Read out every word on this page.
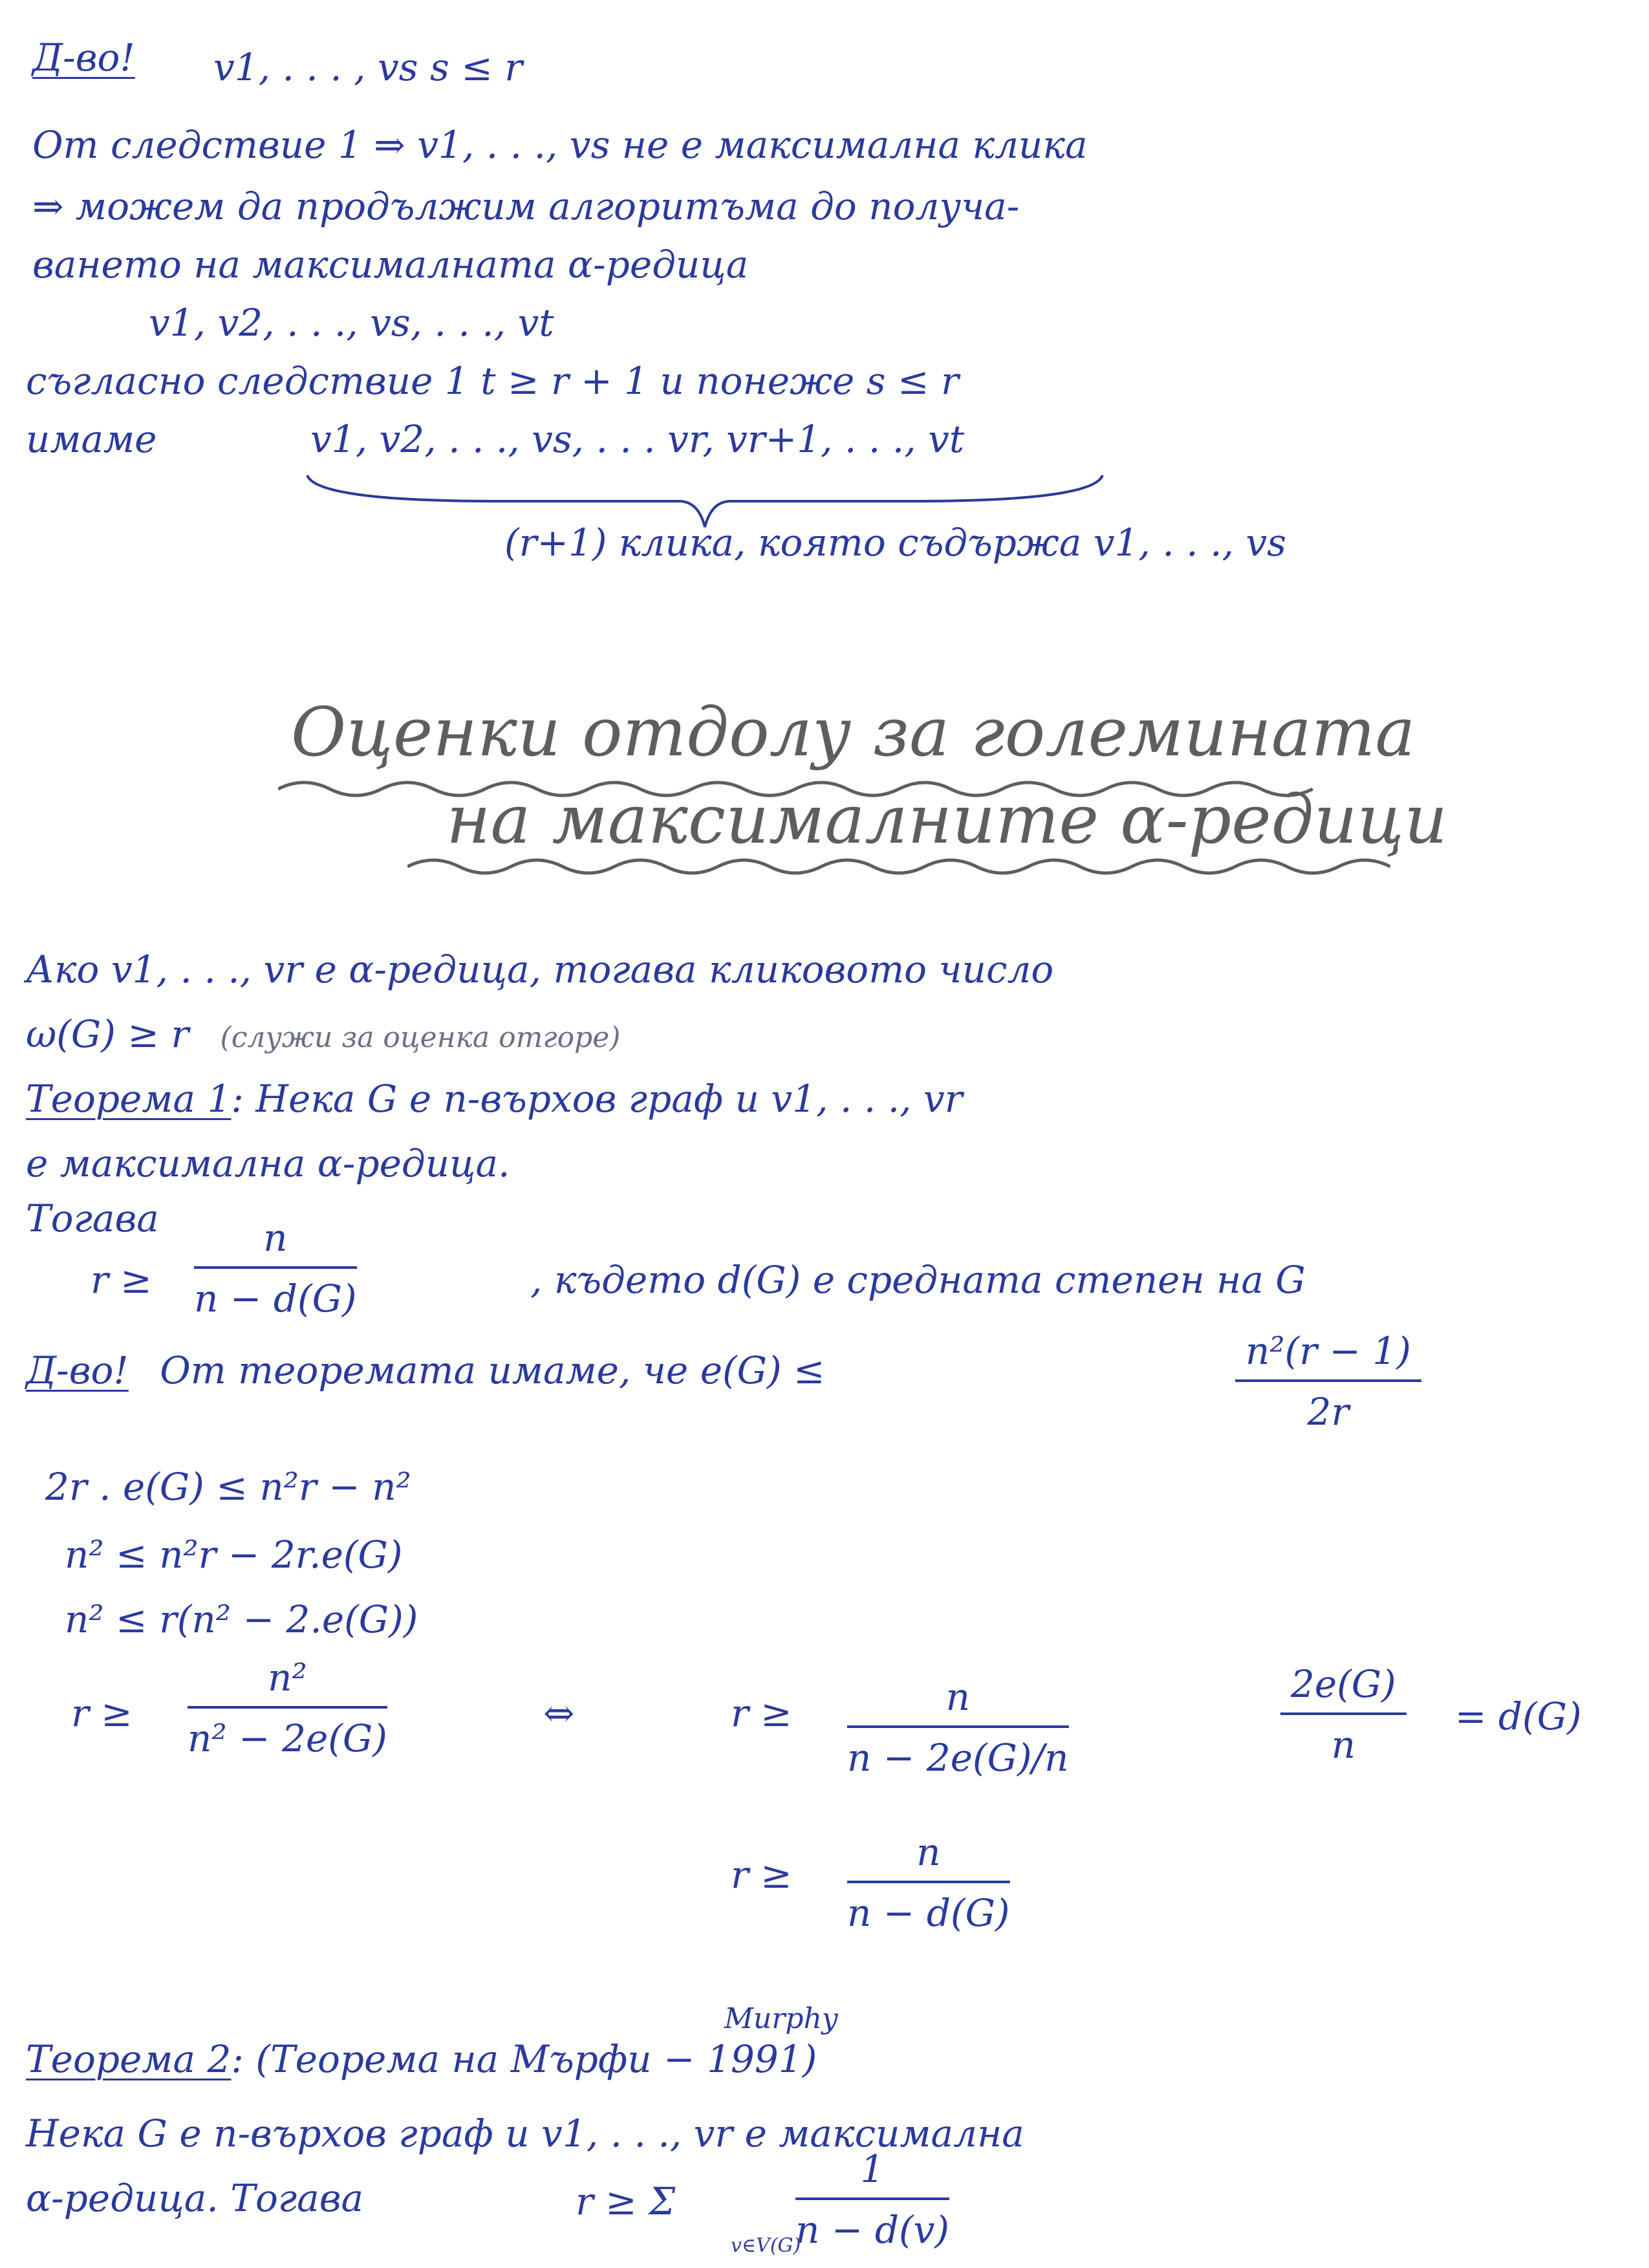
Д-во! v1, . . . , vs s ≤ r
От следствие 1 ⇒ v1, . . ., vs не е максимална клика
⇒ можем да продължим алгоритъма до получа-
ването на максималната α-редица
v1, v2, . . ., vs, . . ., vt
съгласно следствие 1 t ≥ r + 1 и понеже s ≤ r
имаме	v1, v2, . . ., vs, . . . vr, vr+1, . . ., vt
(r+1) клика, която съдържа v1, . . ., vs
Оценки отдолу за големината
на максималните α-редици
Ако v1, . . ., vr е α-редица, тогава кликовото число
ω(G) ≥ r (служи за оценка отгоре)
Теорема 1: Нека G е n-върхов граф и v1, . . ., vr
е максимална α-редица.
Тогава
r ≥
n
n − d(G)	, където d(G) е средната степен на G
Д-во! От теоремата имаме, че e(G) ≤	n²(r − 1)
2r
2r . e(G) ≤ n²r − n²
n² ≤ n²r − 2r.e(G)
n² ≤ r(n² − 2.e(G))
r ≥
n²
n² − 2e(G)
⇔	r ≥	n
n − 2e(G)/n
2e(G)
n
= d(G)
r ≥
n
n − d(G)
Murphy
Теорема 2: (Теорема на Мърфи − 1991)
Нека G е n-върхов граф и v1, . . ., vr е максимална
α-редица. Тогава	r ≥ Σ
1
n − d(v)
v∈V(G)
